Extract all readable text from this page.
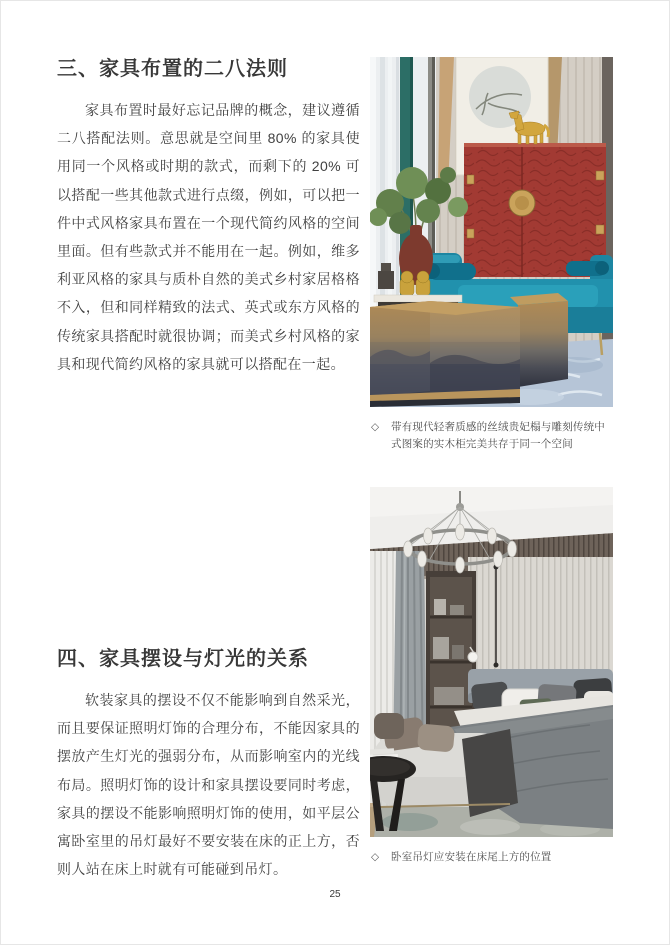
三、家具布置的二八法则

家具布置时最好忘记品牌的概念，建议遵循二八搭配法则。意思就是空间里 80% 的家具使用同一个风格或时期的款式，而剩下的 20% 可以搭配一些其他款式进行点缀，例如，可以把一件中式风格家具布置在一个现代简约风格的空间里面。但有些款式并不能用在一起。例如，维多利亚风格的家具与质朴自然的美式乡村家居格格不入，但和同样精致的法式、英式或东方风格的传统家具搭配时就很协调；而美式乡村风格的家具和现代简约风格的家具就可以搭配在一起。

四、家具摆设与灯光的关系

软装家具的摆设不仅不能影响到自然采光，而且要保证照明灯饰的合理分布，不能因家具的摆放产生灯光的强弱分布，从而影响室内的光线布局。照明灯饰的设计和家具摆设要同时考虑，家具的摆设不能影响照明灯饰的使用，如平层公寓卧室里的吊灯最好不要安装在床的正上方，否则人站在床上时就有可能碰到吊灯。

◇ 带有现代轻奢质感的丝绒贵妃榻与雕刻传统中式图案的实木柜完美共存于同一个空间
◇ 卧室吊灯应安装在床尾上方的位置
25
